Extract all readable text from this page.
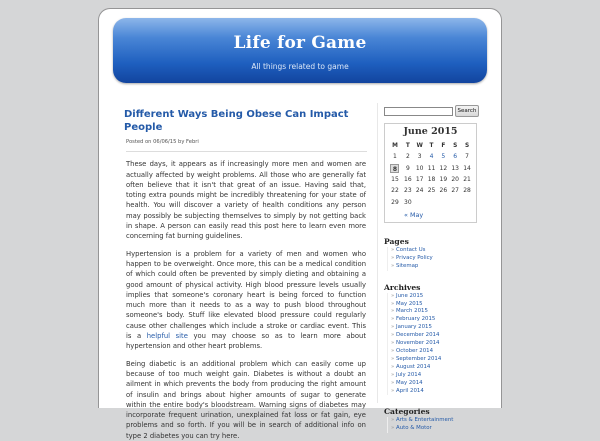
Life for Game
All things related to game
Different Ways Being Obese Can Impact People
Posted on 06/06/15 by Febri

These days, it appears as if increasingly more men and women are actually affected by weight problems. All those who are generally fat often believe that it isn't that great of an issue. Having said that, toting extra pounds might be incredibly threatening for your state of health. You will discover a variety of health conditions any person may possibly be subjecting themselves to simply by not getting back in shape. A person can easily read this post here to learn even more concerning fat burning guidelines.

Hypertension is a problem for a variety of men and women who happen to be overweight. Once more, this can be a medical condition of which could often be prevented by simply dieting and obtaining a good amount of physical activity. High blood pressure levels usually implies that someone's coronary heart is being forced to function much more than it needs to as a way to push blood throughout someone's body. Stuff like elevated blood pressure could regularly cause other challenges which include a stroke or cardiac event. This is a helpful site you may choose so as to learn more about hypertension and other heart problems.

Being diabetic is an additional problem which can easily come up because of too much weight gain. Diabetes is without a doubt an ailment in which prevents the body from producing the right amount of insulin and brings about higher amounts of sugar to generate within the entire body's bloodstream. Warning signs of diabetes may incorporate frequent urination, unexplained fat loss or fat gain, eye problems and so forth. If you will be in search of additional info on type 2 diabetes you can try here.

Search
June 2015
M	T	W	T	F	S	S
1	2	3	4	5	6	7
8	9	10	11	12	13	14
15	16	17	18	19	20	21
22	23	24	25	26	27	28
29	30					
« May
Pages
» Contact Us
» Privacy Policy
» Sitemap
Archives
» June 2015
» May 2015
» March 2015
» February 2015
» January 2015
» December 2014
» November 2014
» October 2014
» September 2014
» August 2014
» July 2014
» May 2014
» April 2014
Categories
» Arts & Entertainment
» Auto & Motor
